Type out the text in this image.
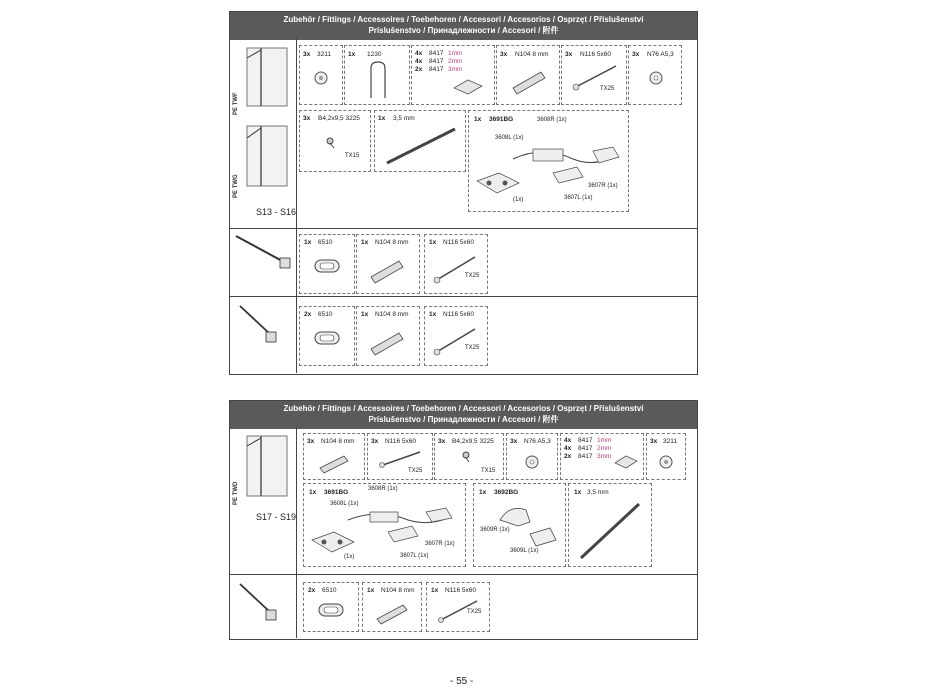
Zubehör / Fittings / Accessoires / Toebehoren / Accessori / Accesorios / Osprzęt / Příslušenství
Príslušenstvo / Принадлежности / Accesori / 附件
PE TWF
PE TWG
S13 - S16
3x 3211	1x 1230	4x 8417 1mm
4x 8417 2mm
2x 8417 3mm
3x N104 8 mm	3x N116 5x60
TX25
3x N76 A5,3
3x B4,2x9,5 3225
TX15
1x 3,5 mm	1x 3691BG	3608R (1x)
3608L (1x)
3607R (1x)
3607L (1x)
(1x)
1x 6510	1x N104 8 mm	1x N116 5x60
TX25
2x 6510	1x N104 8 mm	1x N116 5x60
TX25
Zubehör / Fittings / Accessoires / Toebehoren / Accessori / Accesorios / Osprzęt / Příslušenství
Príslušenstvo / Принадлежности / Accesori / 附件
PE TWD
S17 - S19
3x N104 8 mm	3x N116 5x60
TX25
3x B4,2x9,5 3225
TX15
3x N76 A5,3 4x 8417 1mm
4x 8417 2mm
2x 8417 3mm
3x 3211
1x 3691BG	3608R (1x)
3608L (1x)
3607R (1x)
3607L (1x)
(1x)
1x 3692BG
3609R (1x)
3609L (1x)
1x 3,5 mm
2x 6510	1x N104 8 mm	1x N116 5x60
TX25
- 55 -
